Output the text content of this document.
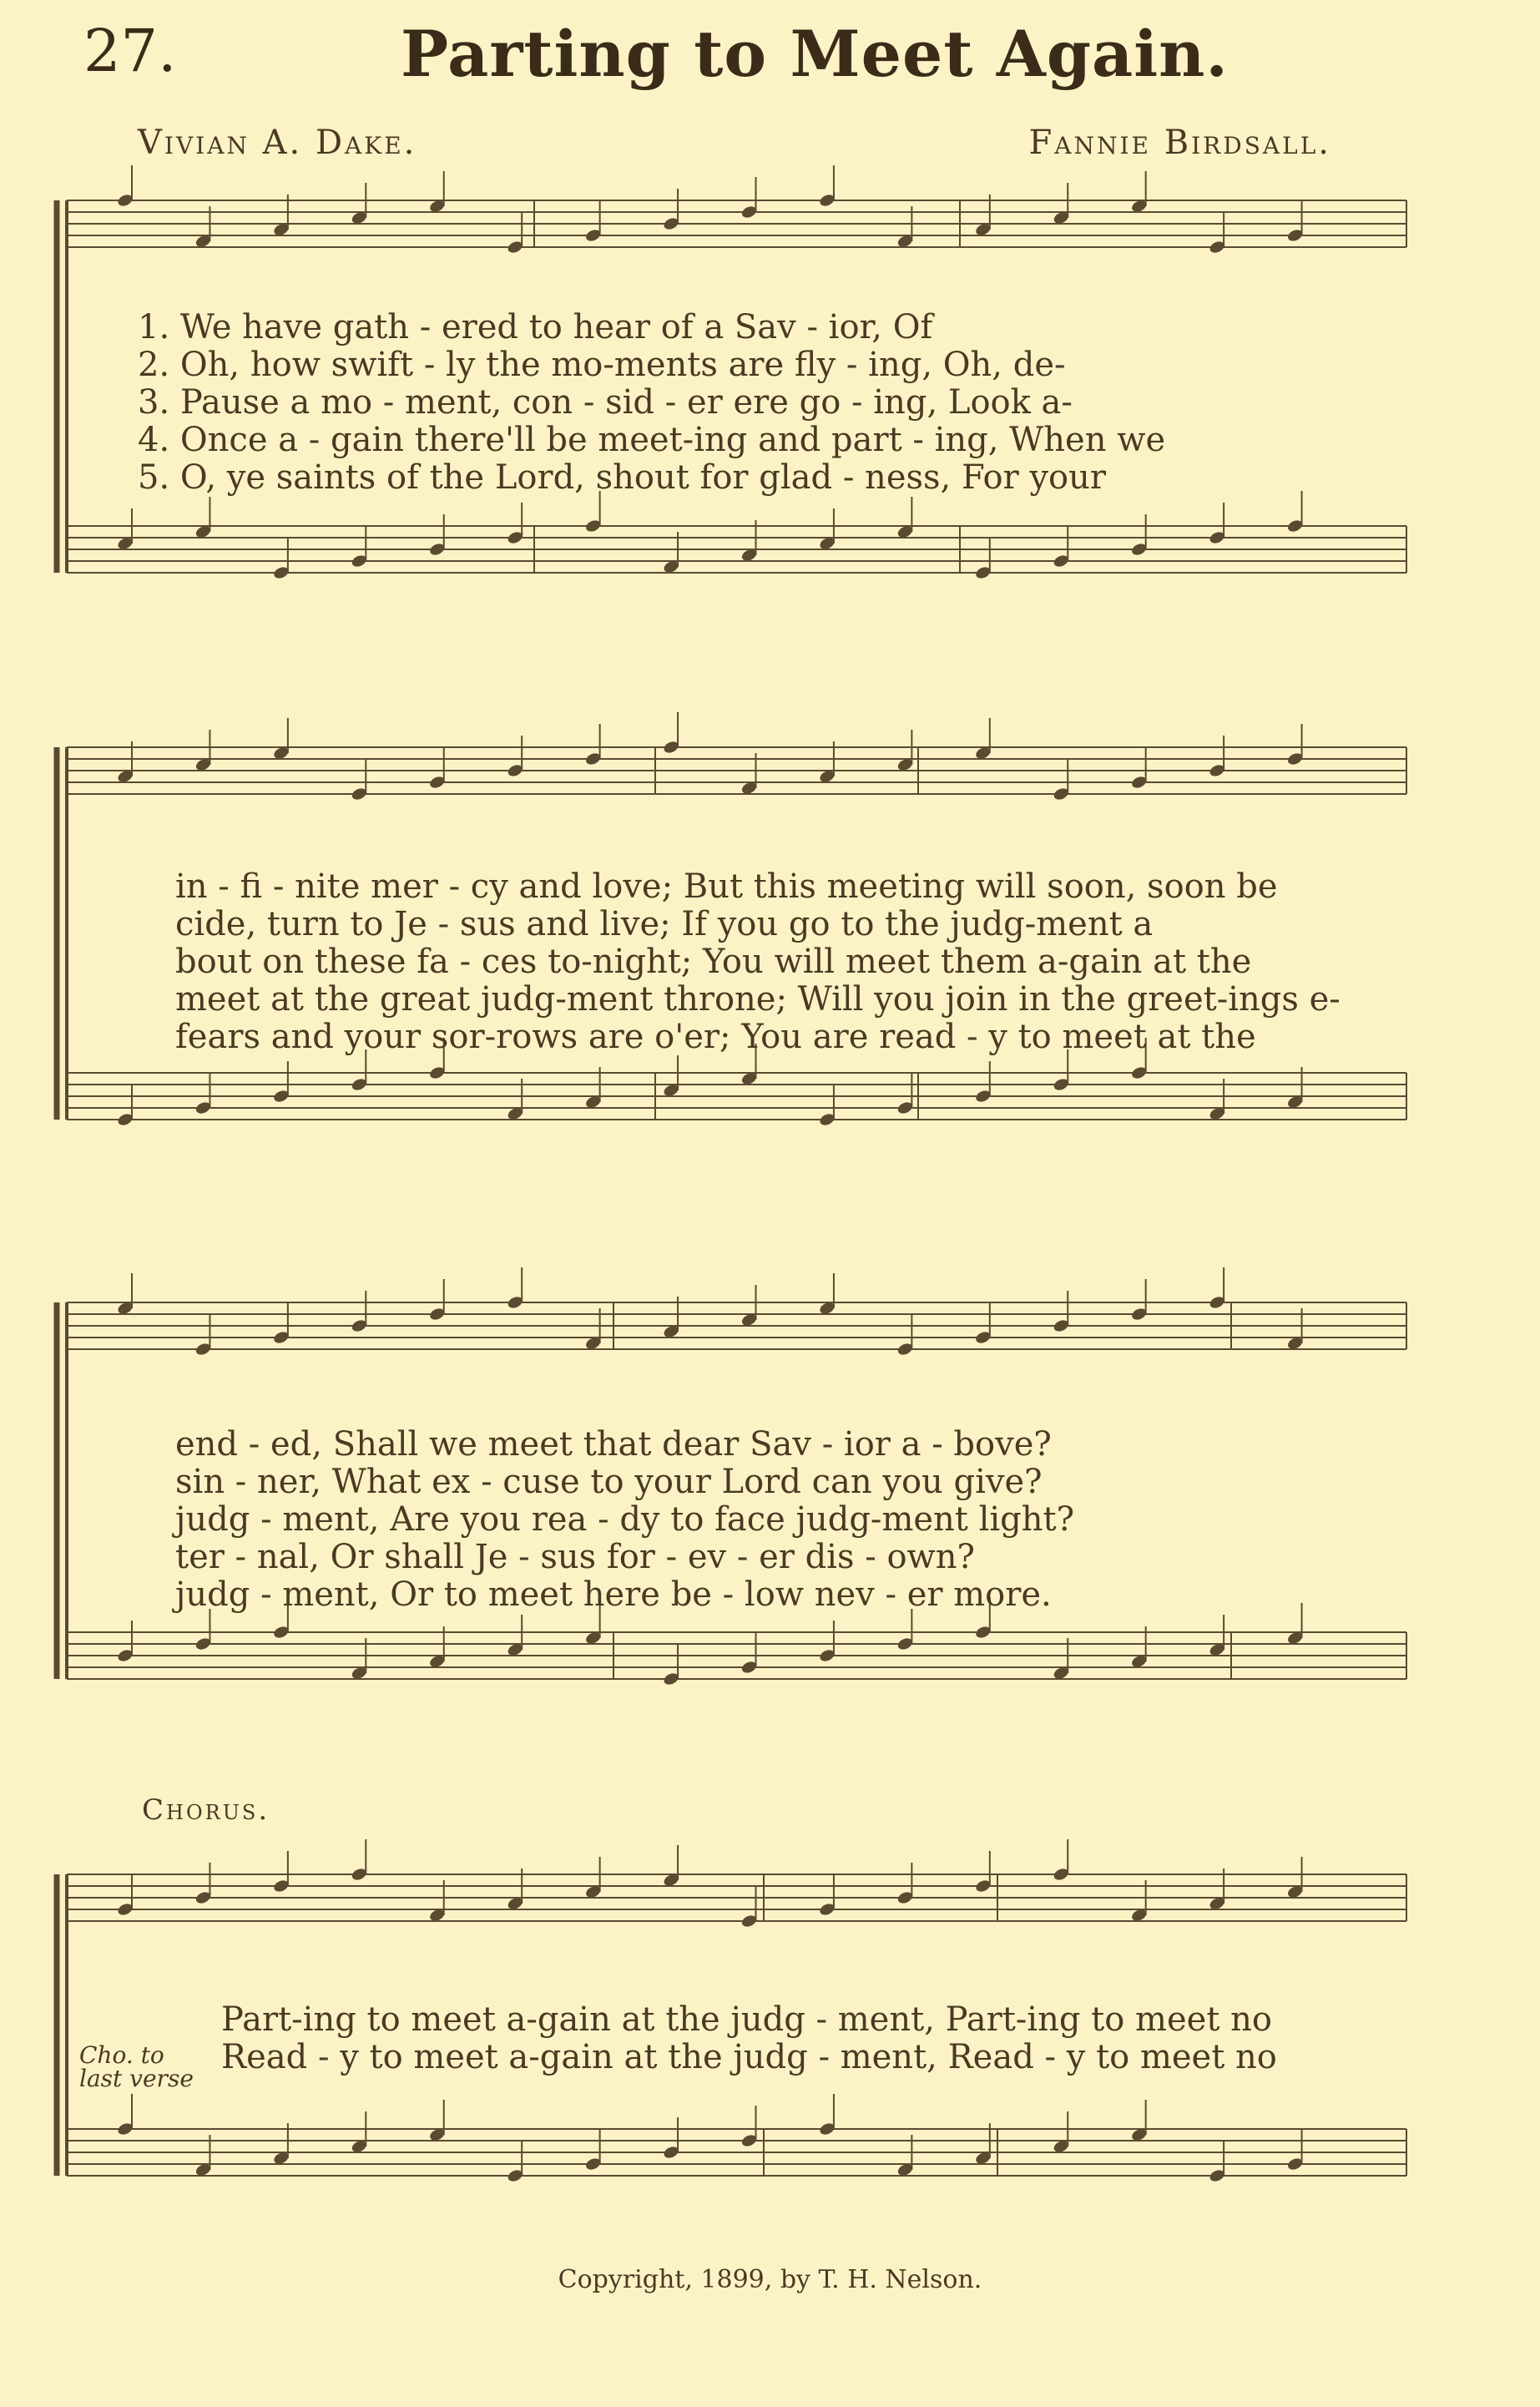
27.	Parting to Meet Again.
Vivian A. Dake.	Fannie Birdsall.
1. We have gath - ered to hear of a Sav - ior, Of
2. Oh, how swift - ly the mo-ments are fly - ing, Oh, de-
3. Pause a mo - ment, con - sid - er ere go - ing, Look a-
4. Once a - gain there'll be meet-ing and part - ing, When we
5. O, ye saints of the Lord, shout for glad - ness, For your
in - fi - nite mer - cy and love; But this meeting will soon, soon be
cide, turn to Je - sus and live; If you go to the judg-ment a
bout on these fa - ces to-night; You will meet them a-gain at the
meet at the great judg-ment throne; Will you join in the greet-ings e-
fears and your sor-rows are o'er; You are read - y to meet at the
end - ed, Shall we meet that dear Sav - ior a - bove?
sin - ner, What ex - cuse to your Lord can you give?
judg - ment, Are you rea - dy to face judg-ment light?
ter - nal, Or shall Je - sus for - ev - er dis - own?
judg - ment, Or to meet here be - low nev - er more.
Chorus.
Part-ing to meet a-gain at the judg - ment, Part-ing to meet no
Read - y to meet a-gain at the judg - ment, Read - y to meet no
Cho. to last verse
Copyright, 1899, by T. H. Nelson.
